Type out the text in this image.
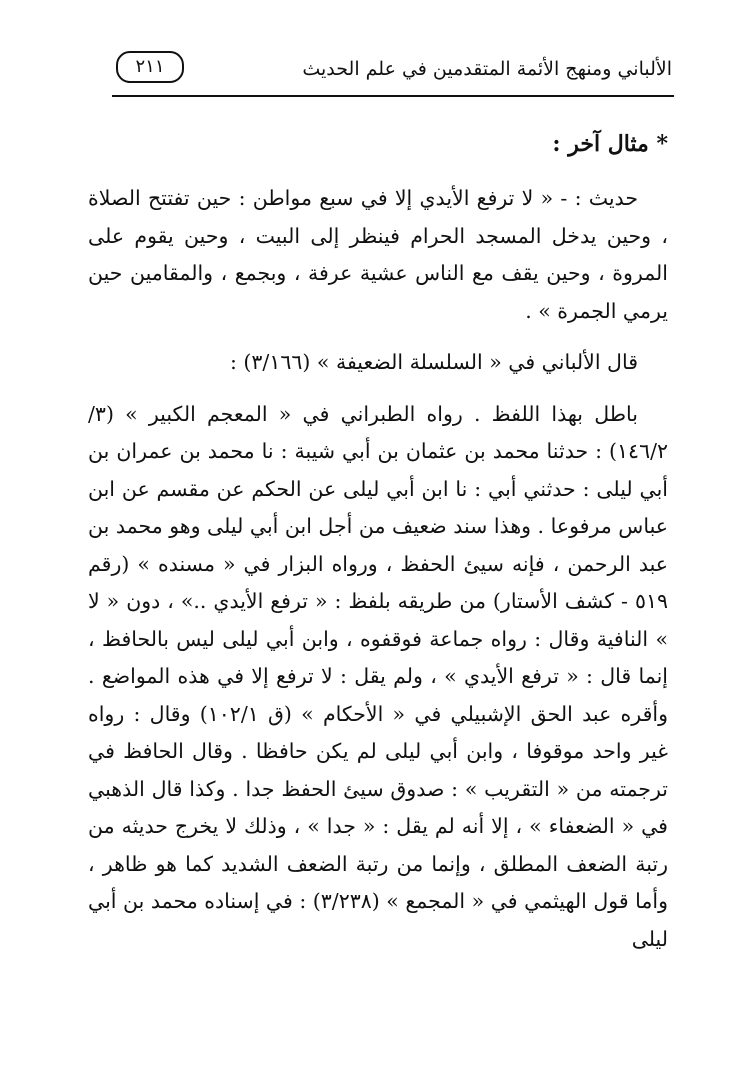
الألباني ومنهج الأئمة المتقدمين في علم الحديث
٢١١
* مثال آخر :

حديث : - « لا ترفع الأيدي إلا في سبع مواطن : حين تفتتح الصلاة ، وحين يدخل المسجد الحرام فينظر إلى البيت ، وحين يقوم على المروة ، وحين يقف مع الناس عشية عرفة ، وبجمع ، والمقامين حين يرمي الجمرة » .

قال الألباني في « السلسلة الضعيفة » (٣/١٦٦) :

باطل بهذا اللفظ . رواه الطبراني في « المعجم الكبير » (٣/ ١٤٦/٢) : حدثنا محمد بن عثمان بن أبي شيبة : نا محمد بن عمران بن أبي ليلى : حدثني أبي : نا ابن أبي ليلى عن الحكم عن مقسم عن ابن عباس مرفوعا . وهذا سند ضعيف من أجل ابن أبي ليلى وهو محمد بن عبد الرحمن ، فإنه سيئ الحفظ ، ورواه البزار في « مسنده » (رقم ٥١٩ - كشف الأستار) من طريقه بلفظ : « ترفع الأيدي ..» ، دون « لا » النافية وقال : رواه جماعة فوقفوه ، وابن أبي ليلى ليس بالحافظ ، إنما قال : « ترفع الأيدي » ، ولم يقل : لا ترفع إلا في هذه المواضع . وأقره عبد الحق الإشبيلي في « الأحكام » (ق ١٠٢/١) وقال : رواه غير واحد موقوفا ، وابن أبي ليلى لم يكن حافظا . وقال الحافظ في ترجمته من « التقريب » : صدوق سيئ الحفظ جدا . وكذا قال الذهبي في « الضعفاء » ، إلا أنه لم يقل : « جدا » ، وذلك لا يخرج حديثه من رتبة الضعف المطلق ، وإنما من رتبة الضعف الشديد كما هو ظاهر ، وأما قول الهيثمي في « المجمع » (٣/٢٣٨) : في إسناده محمد بن أبي ليلى
